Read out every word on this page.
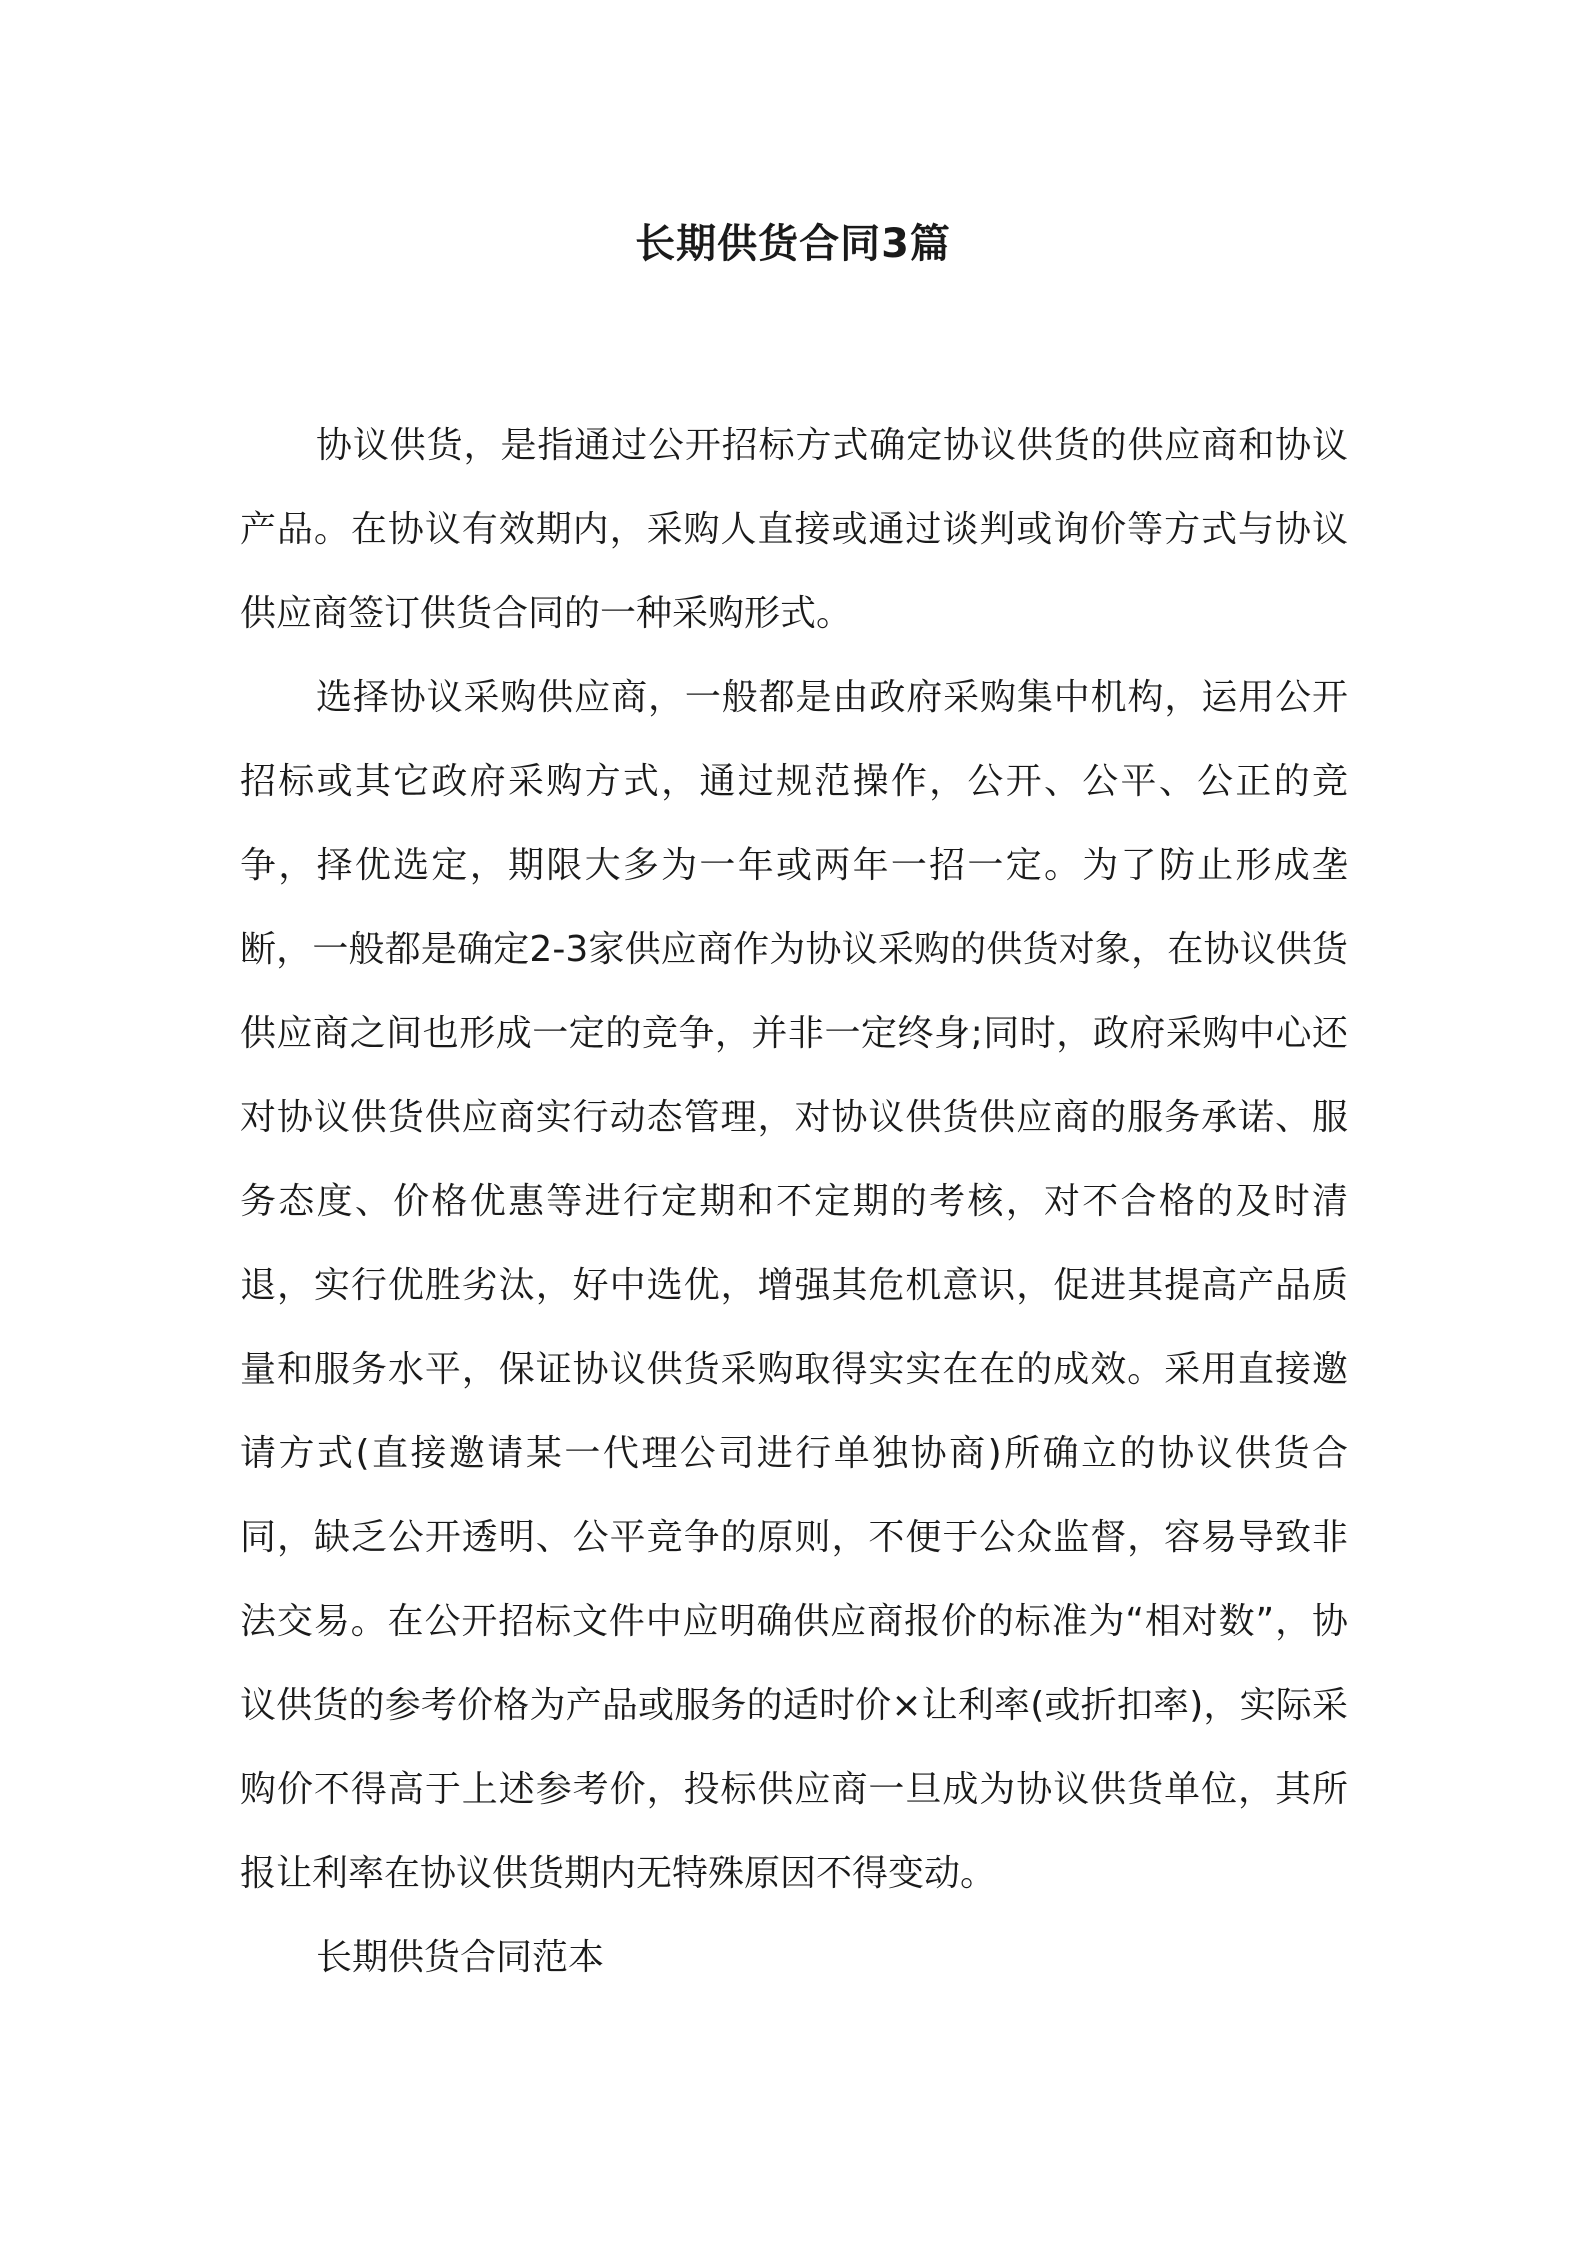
长期供货合同3篇

协议供货，是指通过公开招标方式确定协议供货的供应商和协议产品。在协议有效期内，采购人直接或通过谈判或询价等方式与协议供应商签订供货合同的一种采购形式。

选择协议采购供应商，一般都是由政府采购集中机构，运用公开招标或其它政府采购方式，通过规范操作，公开、公平、公正的竞争，择优选定，期限大多为一年或两年一招一定。为了防止形成垄断，一般都是确定2-3家供应商作为协议采购的供货对象，在协议供货供应商之间也形成一定的竞争，并非一定终身;同时，政府采购中心还对协议供货供应商实行动态管理，对协议供货供应商的服务承诺、服务态度、价格优惠等进行定期和不定期的考核，对不合格的及时清退，实行优胜劣汰，好中选优，增强其危机意识，促进其提高产品质量和服务水平，保证协议供货采购取得实实在在的成效。采用直接邀请方式(直接邀请某一代理公司进行单独协商)所确立的协议供货合同，缺乏公开透明、公平竞争的原则，不便于公众监督，容易导致非法交易。在公开招标文件中应明确供应商报价的标准为“相对数”，协议供货的参考价格为产品或服务的适时价×让利率(或折扣率)，实际采购价不得高于上述参考价，投标供应商一旦成为协议供货单位，其所报让利率在协议供货期内无特殊原因不得变动。

长期供货合同范本
